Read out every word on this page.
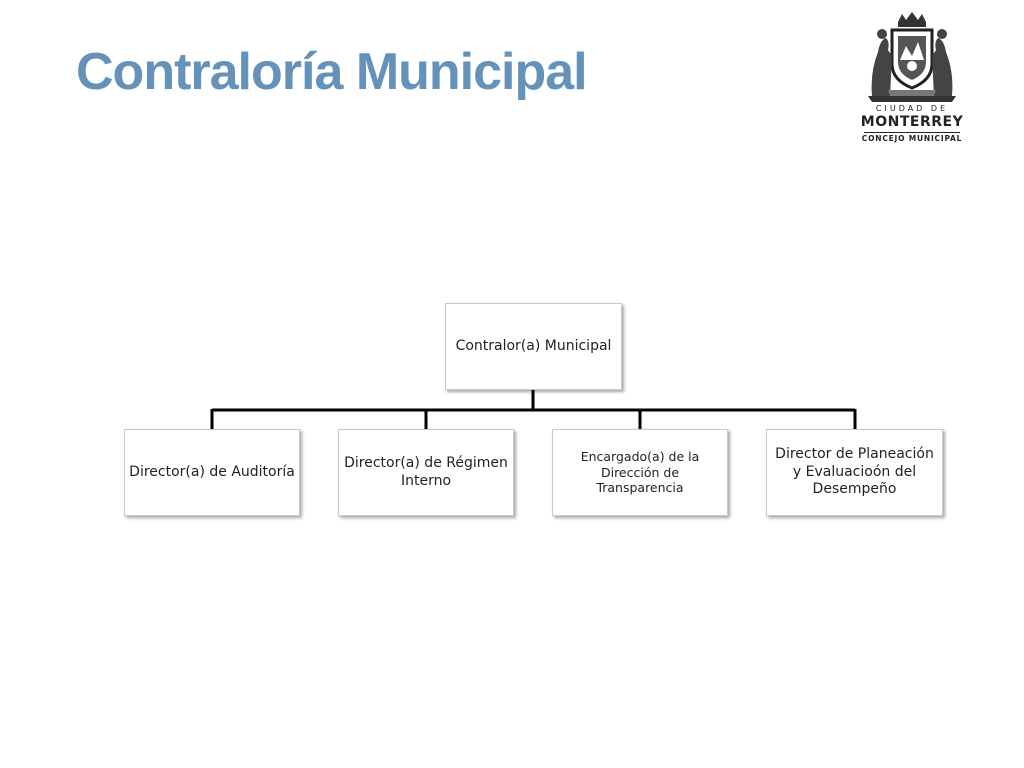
Contraloría Municipal
CIUDAD DE
MONTERREY
CONCEJO MUNICIPAL
Contralor(a) Municipal
Director(a) de Auditoría
Director(a) de Régimen Interno
Encargado(a) de la Dirección de Transparencia
Director de Planeación y Evaluacioón del Desempeño
